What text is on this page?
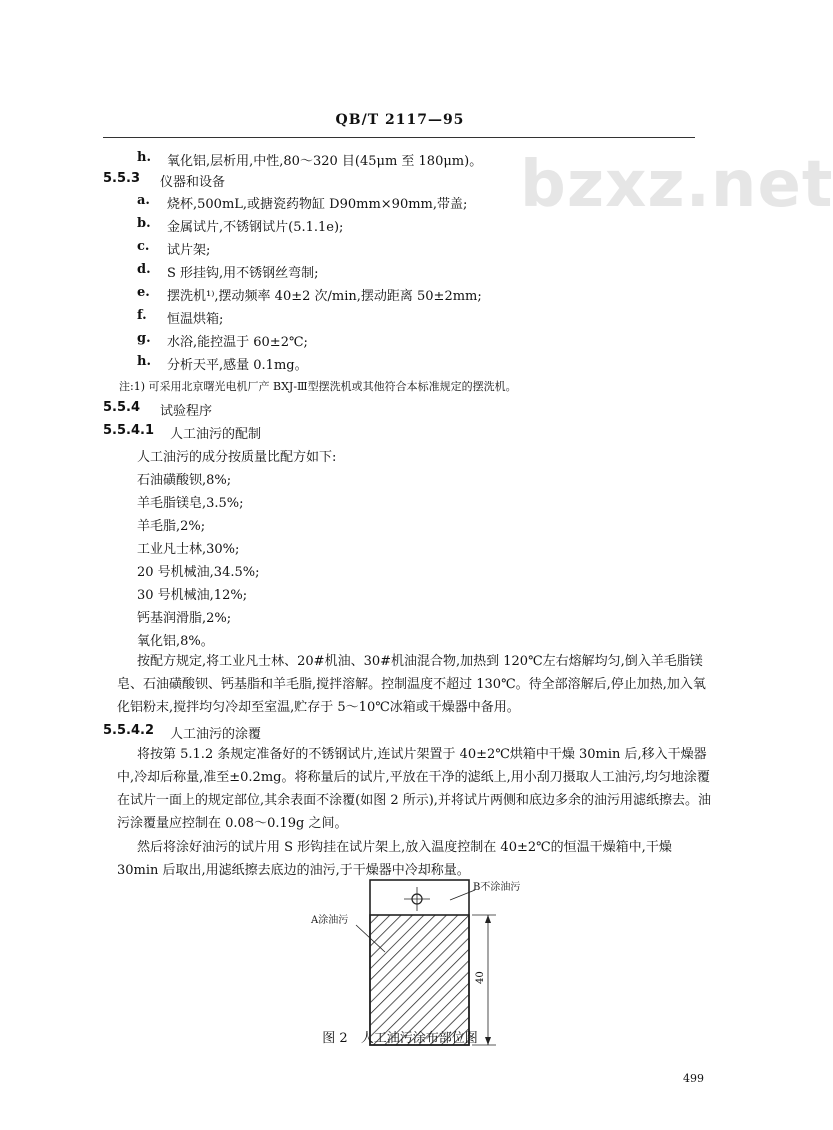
QB/T 2117—95
bzxz.net
h. 氧化铝,层析用,中性,80～320 目(45μm 至 180μm)。
5.5.3 仪器和设备
a. 烧杯,500mL,或搪瓷药物缸 D90mm×90mm,带盖;
b. 金属试片,不锈钢试片(5.1.1e);
c. 试片架;
d. S 形挂钩,用不锈钢丝弯制;
e. 摆洗机¹⁾,摆动频率 40±2 次/min,摆动距离 50±2mm;
f. 恒温烘箱;
g. 水浴,能控温于 60±2℃;
h. 分析天平,感量 0.1mg。
注:1) 可采用北京曙光电机厂产 BXJ-Ⅲ型摆洗机或其他符合本标准规定的摆洗机。
5.5.4 试验程序
5.5.4.1 人工油污的配制
人工油污的成分按质量比配方如下:
石油磺酸钡,8%;
羊毛脂镁皂,3.5%;
羊毛脂,2%;
工业凡士林,30%;
20 号机械油,34.5%;
30 号机械油,12%;
钙基润滑脂,2%;
氧化铝,8%。
按配方规定,将工业凡士林、20#机油、30#机油混合物,加热到 120℃左右熔解均匀,倒入羊毛脂镁皂、石油磺酸钡、钙基脂和羊毛脂,搅拌溶解。控制温度不超过 130℃。待全部溶解后,停止加热,加入氧化铝粉末,搅拌均匀冷却至室温,贮存于 5～10℃冰箱或干燥器中备用。
5.5.4.2 人工油污的涂覆
将按第 5.1.2 条规定准备好的不锈钢试片,连试片架置于 40±2℃烘箱中干燥 30min 后,移入干燥器中,冷却后称量,准至±0.2mg。将称量后的试片,平放在干净的滤纸上,用小刮刀摄取人工油污,均匀地涂覆在试片一面上的规定部位,其余表面不涂覆(如图 2 所示),并将试片两侧和底边多余的油污用滤纸擦去。油污涂覆量应控制在 0.08～0.19g 之间。
然后将涂好油污的试片用 S 形钩挂在试片架上,放入温度控制在 40±2℃的恒温干燥箱中,干燥 30min 后取出,用滤纸擦去底边的油污,于干燥器中冷却称量。
B不涂油污
A涂油污
40
图 2　人工油污涂布部位图
499
